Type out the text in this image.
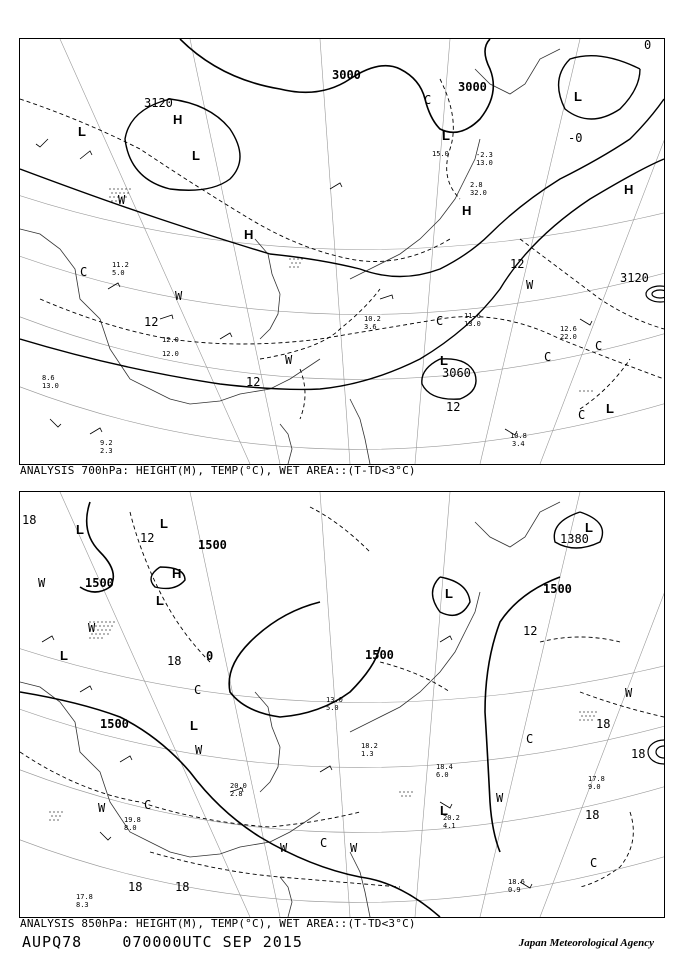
3000
3000
3120
3120
3060
12
12
12
12
0
-0
H
H
H
H
L
L
L
L
L
L
C
C
C
C
C
C
W
W
W
W
10.8
3.4
11.6
13.0
12.6
22.0
10.2
3.6
8.6
13.0
9.2
2.3
11.2
5.0
12.0
12.0
-2.3
13.0
2.8
32.0
15.0
ANALYSIS 700hPa: HEIGHT(M), TEMP(°C), WET AREA::(T-TD<3°C)
1500
1500
1500
1500
1500
1380
18
18
18
18
18
18	18
12
12
0
H
L
L
L
L
L
L
L
L
C
C
C
C
C
W
W
W
W
W	W
W
W
18.6
0.9
17.8
9.0
18.4
6.0
20.2
4.1
18.2
1.3
20.0
2.8
19.8
8.0
17.8
8.3
13.0
5.0
ANALYSIS 850hPa: HEIGHT(M), TEMP(°C), WET AREA::(T-TD<3°C)
AUPQ78	070000UTC SEP 2015	Japan Meteorological Agency
